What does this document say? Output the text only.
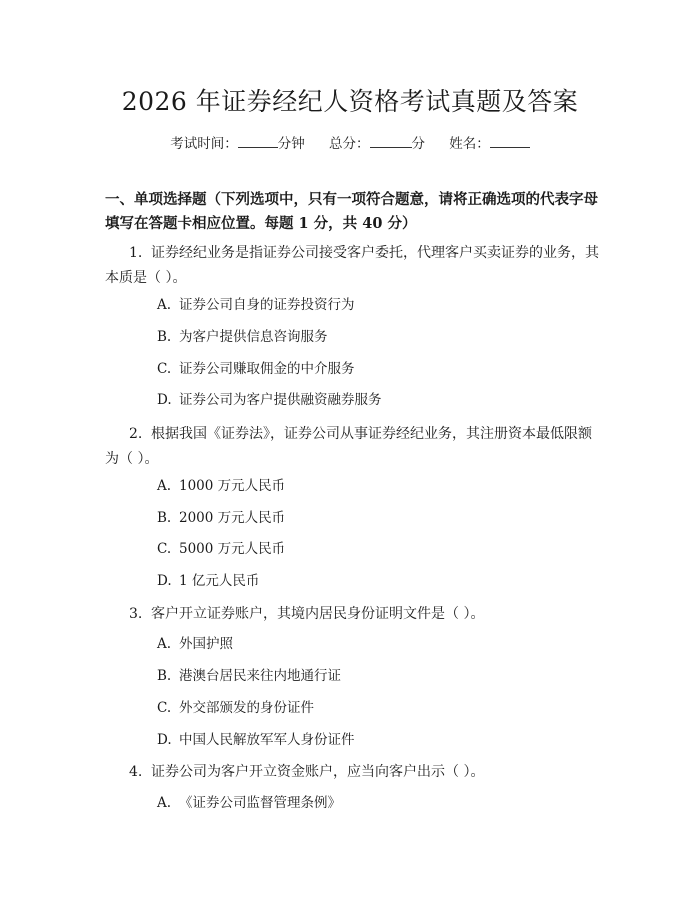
2026 年证券经纪人资格考试真题及答案
考试时间：	分钟 总分：	分 姓名：
一、单项选择题（下列选项中，只有一项符合题意，请将正确选项的代表字母填写在答题卡相应位置。每题 1 分，共 40 分）
1. 证券经纪业务是指证券公司接受客户委托，代理客户买卖证券的业务，其本质是（ ）。
A. 证券公司自身的证券投资行为
B. 为客户提供信息咨询服务
C. 证券公司赚取佣金的中介服务
D. 证券公司为客户提供融资融券服务
2. 根据我国《证券法》，证券公司从事证券经纪业务，其注册资本最低限额为（ ）。
A. 1000 万元人民币
B. 2000 万元人民币
C. 5000 万元人民币
D. 1 亿元人民币
3. 客户开立证券账户，其境内居民身份证明文件是（ ）。
A. 外国护照
B. 港澳台居民来往内地通行证
C. 外交部颁发的身份证件
D. 中国人民解放军军人身份证件
4. 证券公司为客户开立资金账户，应当向客户出示（ ）。
A. 《证券公司监督管理条例》
